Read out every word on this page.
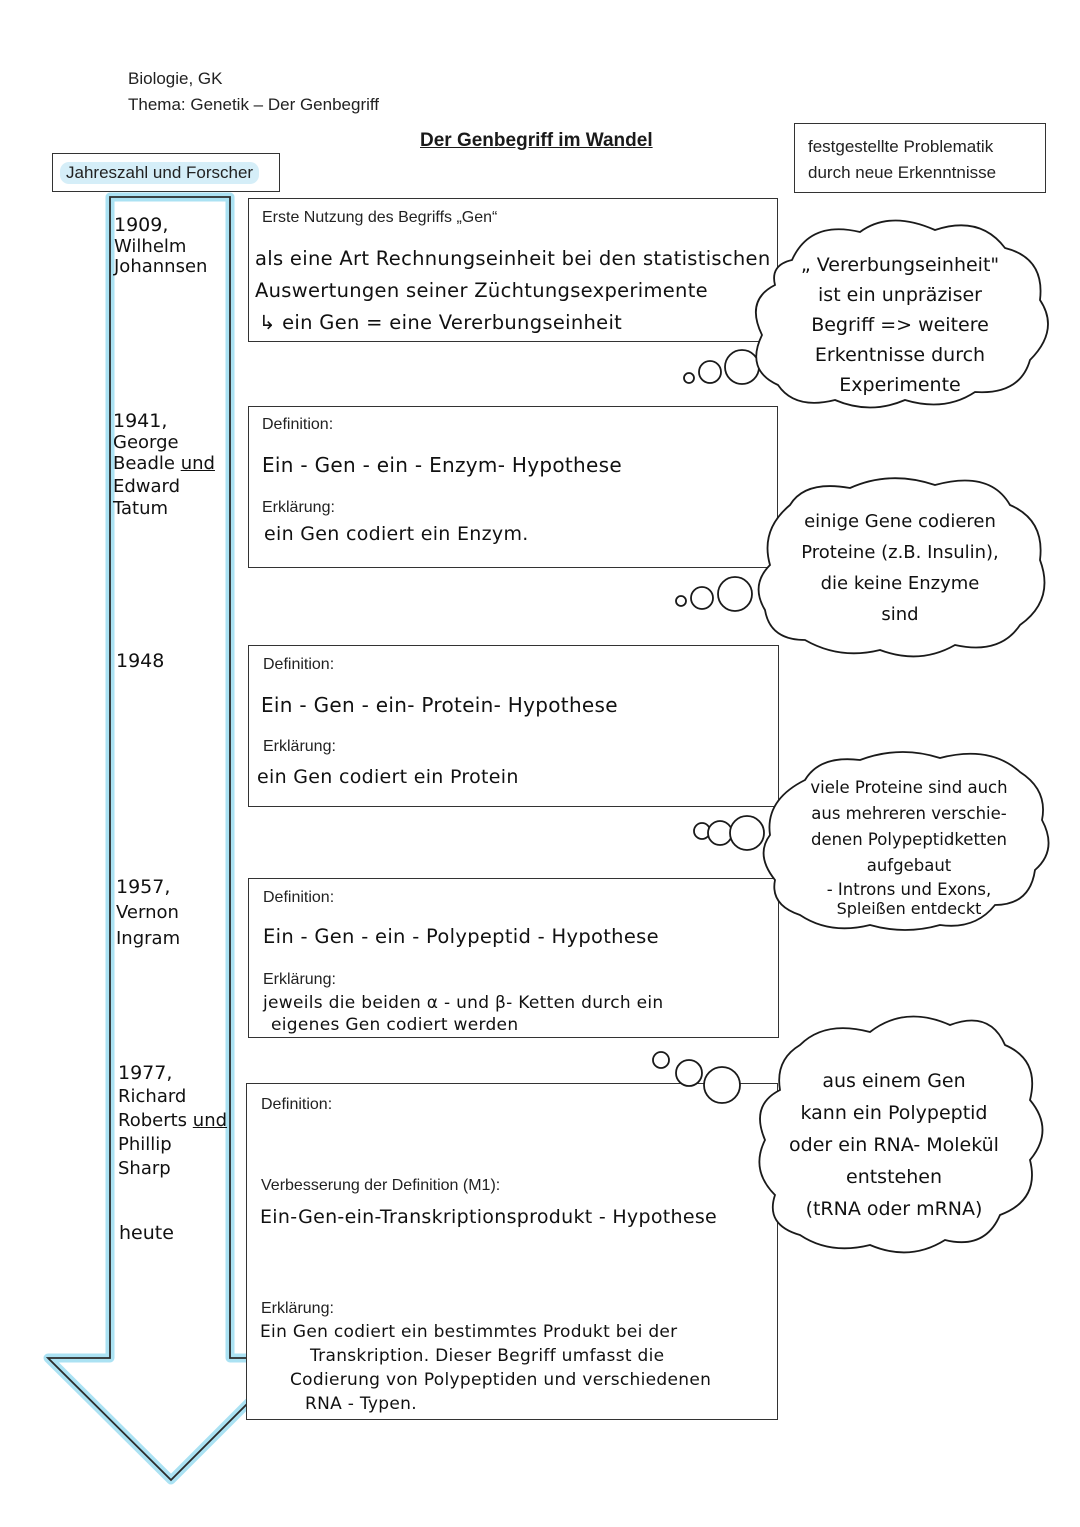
Biologie, GK
Thema: Genetik – Der Genbegriff
Der Genbegriff im Wandel
Jahreszahl und Forscher
festgestellte Problematik
durch neue Erkenntnisse
1909,
Wilhelm
Johannsen
1941,
George
Beadle und
Edward
Tatum
1948
1957,
Vernon
Ingram
1977,
Richard
Roberts und
Phillip
Sharp
heute
Erste Nutzung des Begriffs „Gen“
als eine Art Rechnungseinheit bei den statistischen
Auswertungen seiner Züchtungsexperimente
↳ ein Gen = eine Vererbungseinheit
Definition:
Ein - Gen - ein - Enzym- Hypothese
Erklärung:
ein Gen codiert ein Enzym.
Definition:
Ein - Gen - ein- Protein- Hypothese
Erklärung:
ein Gen codiert ein Protein
Definition:
Ein - Gen - ein - Polypeptid - Hypothese
Erklärung:
jeweils die beiden α - und β- Ketten durch ein
eigenes Gen codiert werden
Definition:
Verbesserung der Definition (M1):
Ein-Gen-ein-Transkriptionsprodukt - Hypothese
Erklärung:
Ein Gen codiert ein bestimmtes Produkt bei der
Transkription. Dieser Begriff umfasst die
Codierung von Polypeptiden und verschiedenen
RNA - Typen.
„ Vererbungseinheit"
ist ein unpräziser
Begriff => weitere
Erkentnisse durch
Experimente
einige Gene codieren
Proteine (z.B. Insulin),
die keine Enzyme
sind
viele Proteine sind auch
aus mehreren verschie-
denen Polypeptidketten
aufgebaut
- Introns und Exons,
Spleißen entdeckt
aus einem Gen
kann ein Polypeptid
oder ein RNA- Molekül
entstehen
(tRNA oder mRNA)
